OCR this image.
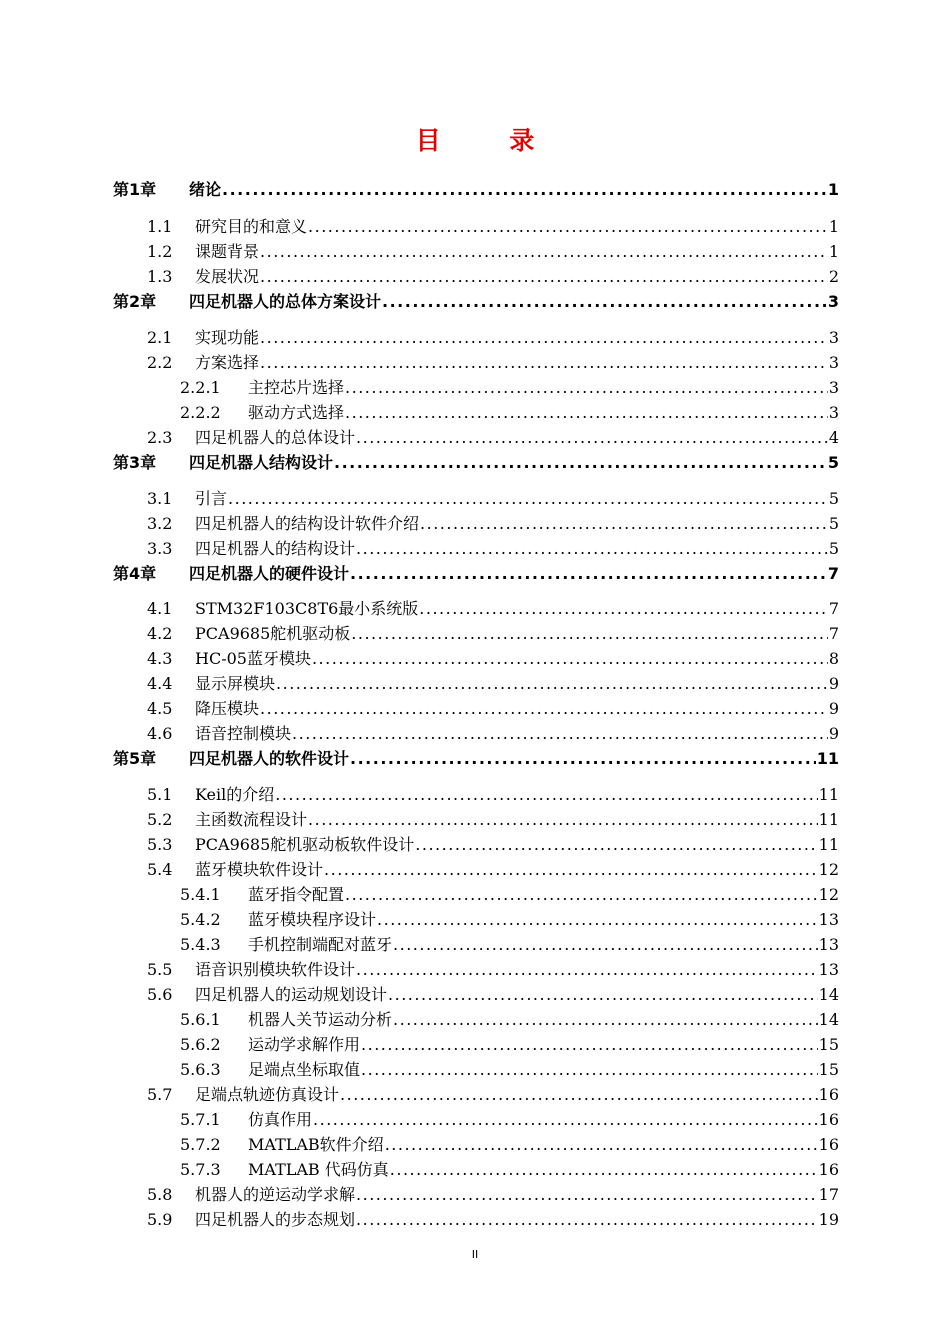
目 录
第1章	绪论 .....	1
1.1	研究目的和意义 .....	1
1.2	课题背景 .....	1
1.3	发展状况 .....	2
第2章	四足机器人的总体方案设计 .....	3
2.1	实现功能 .....	3
2.2	方案选择 .....	3
2.2.1	主控芯片选择 .....	3
2.2.2	驱动方式选择 .....	3
2.3	四足机器人的总体设计 .....	4
第3章	四足机器人结构设计 .....	5
3.1	引言 .....	5
3.2	四足机器人的结构设计软件介绍 .....	5
3.3	四足机器人的结构设计 .....	5
第4章	四足机器人的硬件设计 .....	7
4.1	STM32F103C8T6最小系统版 .....	7
4.2	PCA9685舵机驱动板 .....	7
4.3	HC-05蓝牙模块 .....	8
4.4	显示屏模块 .....	9
4.5	降压模块 .....	9
4.6	语音控制模块 .....	9
第5章	四足机器人的软件设计 .....	11
5.1	Keil的介绍 .....	11
5.2	主函数流程设计 .....	11
5.3	PCA9685舵机驱动板软件设计 .....	11
5.4	蓝牙模块软件设计 .....	12
5.4.1	蓝牙指令配置 .....	12
5.4.2	蓝牙模块程序设计 .....	13
5.4.3	手机控制端配对蓝牙 .....	13
5.5	语音识别模块软件设计 .....	13
5.6	四足机器人的运动规划设计 .....	14
5.6.1	机器人关节运动分析 .....	14
5.6.2	运动学求解作用 .....	15
5.6.3	足端点坐标取值 .....	15
5.7	足端点轨迹仿真设计 .....	16
5.7.1	仿真作用 .....	16
5.7.2	MATLAB软件介绍 .....	16
5.7.3	MATLAB 代码仿真 .....	16
5.8	机器人的逆运动学求解 .....	17
5.9	四足机器人的步态规划 .....	19
II
